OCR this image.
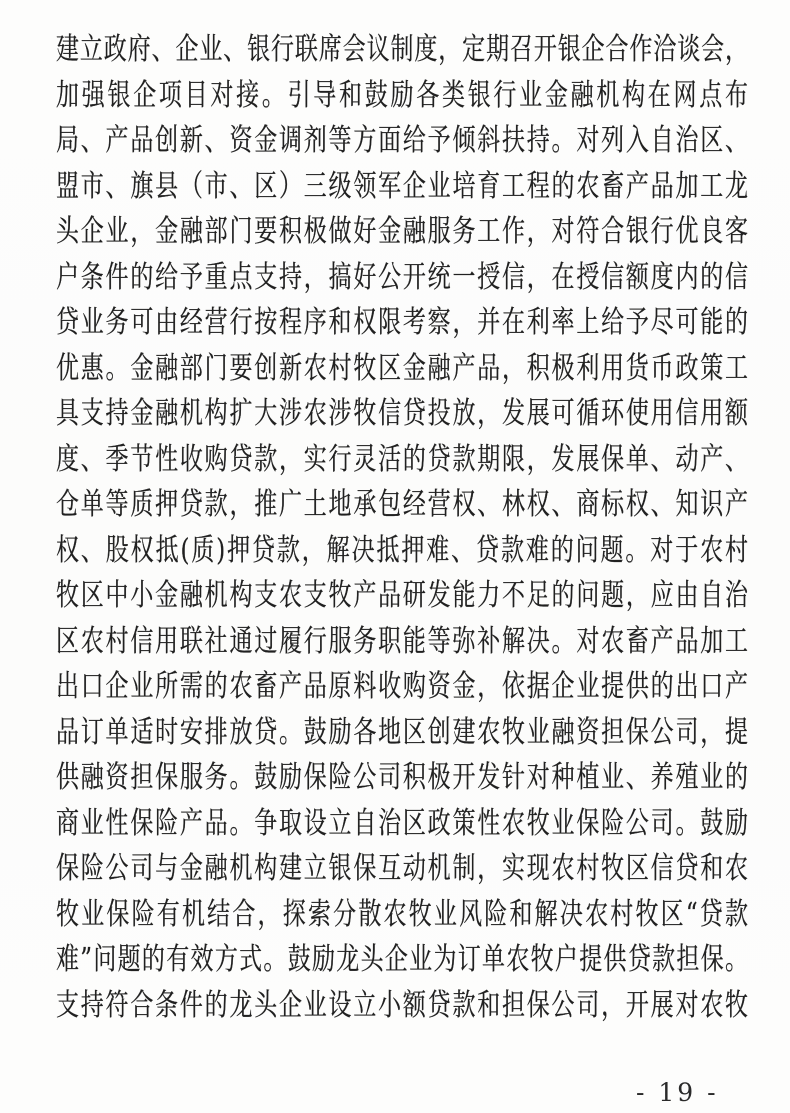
建立政府、企业、银行联席会议制度，定期召开银企合作洽谈会，
加强银企项目对接。引导和鼓励各类银行业金融机构在网点布
局、产品创新、资金调剂等方面给予倾斜扶持。对列入自治区、
盟市、旗县（市、区）三级领军企业培育工程的农畜产品加工龙
头企业，金融部门要积极做好金融服务工作，对符合银行优良客
户条件的给予重点支持，搞好公开统一授信，在授信额度内的信
贷业务可由经营行按程序和权限考察，并在利率上给予尽可能的
优惠。金融部门要创新农村牧区金融产品，积极利用货币政策工
具支持金融机构扩大涉农涉牧信贷投放，发展可循环使用信用额
度、季节性收购贷款，实行灵活的贷款期限，发展保单、动产、
仓单等质押贷款，推广土地承包经营权、林权、商标权、知识产
权、股权抵(质)押贷款，解决抵押难、贷款难的问题。对于农村
牧区中小金融机构支农支牧产品研发能力不足的问题，应由自治
区农村信用联社通过履行服务职能等弥补解决。对农畜产品加工
出口企业所需的农畜产品原料收购资金，依据企业提供的出口产
品订单适时安排放贷。鼓励各地区创建农牧业融资担保公司，提
供融资担保服务。鼓励保险公司积极开发针对种植业、养殖业的
商业性保险产品。争取设立自治区政策性农牧业保险公司。鼓励
保险公司与金融机构建立银保互动机制，实现农村牧区信贷和农
牧业保险有机结合，探索分散农牧业风险和解决农村牧区“贷款
难”问题的有效方式。鼓励龙头企业为订单农牧户提供贷款担保。
支持符合条件的龙头企业设立小额贷款和担保公司，开展对农牧
- 19 -
